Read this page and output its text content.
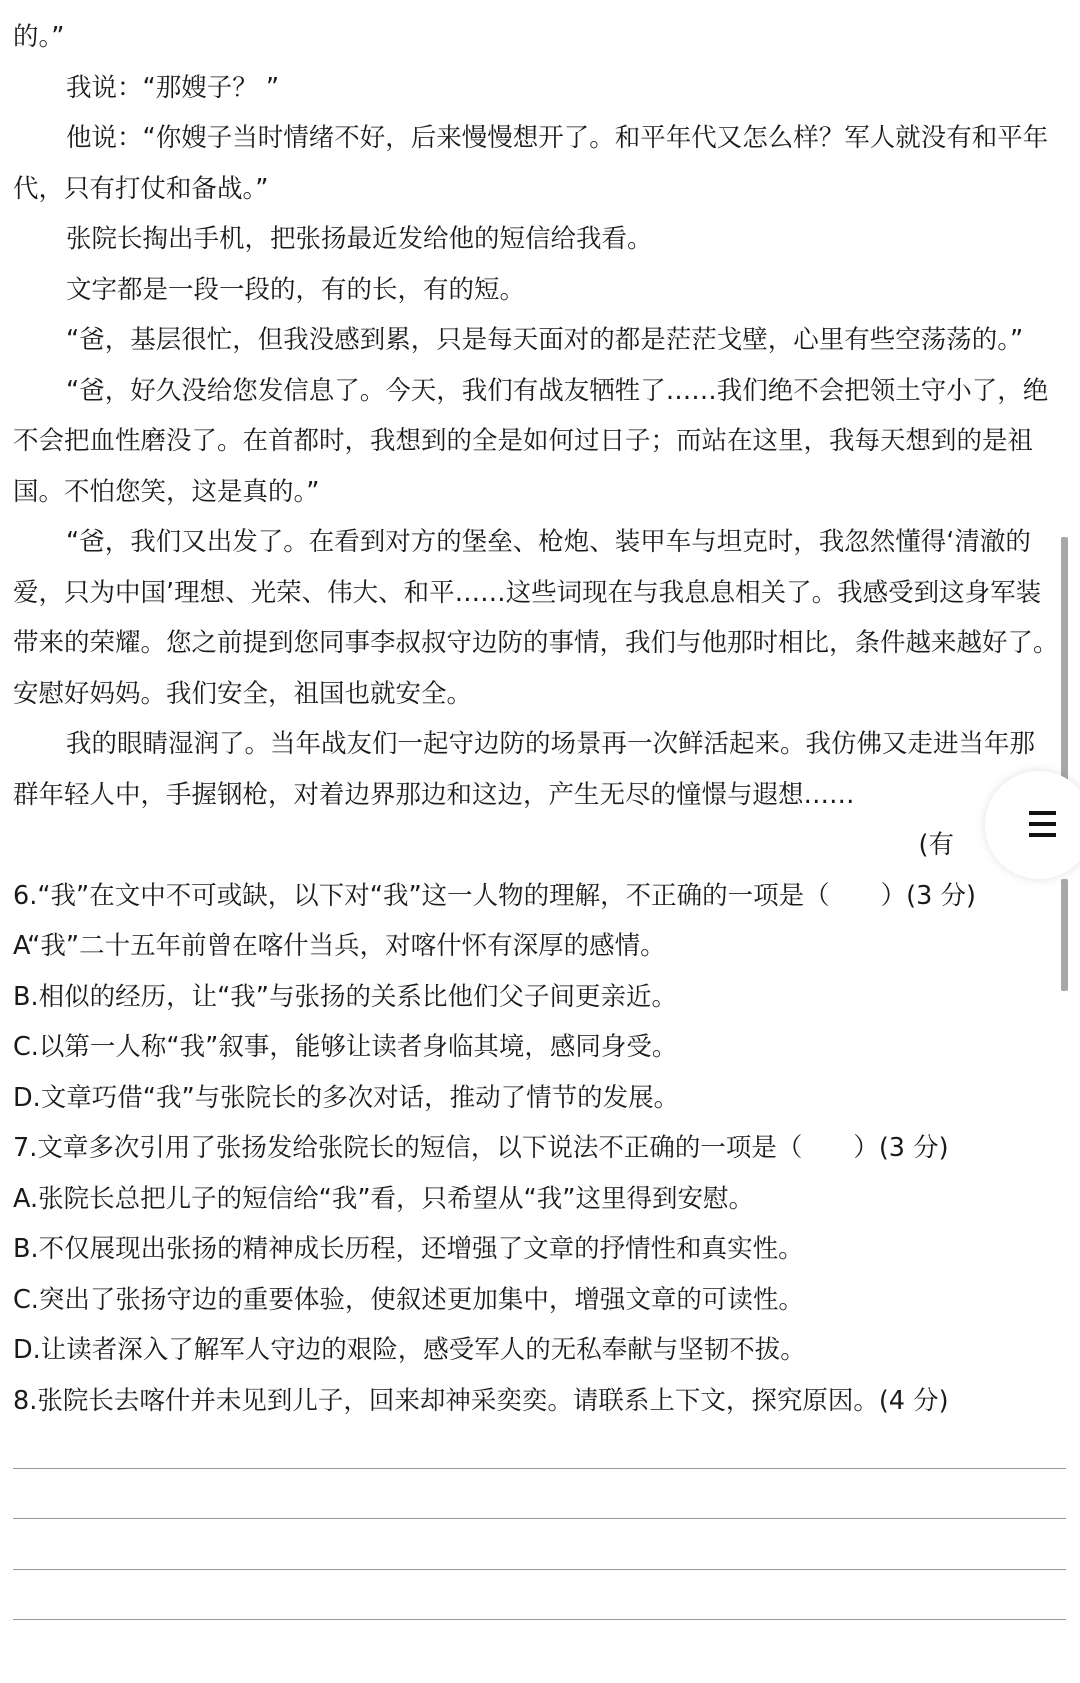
的。”
我说：“那嫂子？ ”
他说：“你嫂子当时情绪不好，后来慢慢想开了。和平年代又怎么样？军人就没有和平年
代，只有打仗和备战。”
张院长掏出手机，把张扬最近发给他的短信给我看。
文字都是一段一段的，有的长，有的短。
“爸，基层很忙，但我没感到累，只是每天面对的都是茫茫戈壁，心里有些空荡荡的。”
“爸，好久没给您发信息了。今天，我们有战友牺牲了……我们绝不会把领土守小了，绝
不会把血性磨没了。在首都时，我想到的全是如何过日子；而站在这里，我每天想到的是祖
国。不怕您笑，这是真的。”
“爸，我们又出发了。在看到对方的堡垒、枪炮、装甲车与坦克时，我忽然懂得‘清澈的
爱，只为中国’理想、光荣、伟大、和平……这些词现在与我息息相关了。我感受到这身军装
带来的荣耀。您之前提到您同事李叔叔守边防的事情，我们与他那时相比，条件越来越好了。
安慰好妈妈。我们安全，祖国也就安全。
我的眼睛湿润了。当年战友们一起守边防的场景再一次鲜活起来。我仿佛又走进当年那
群年轻人中，手握钢枪，对着边界那边和这边，产生无尽的憧憬与遐想……
(有
6.“我”在文中不可或缺，以下对“我”这一人物的理解，不正确的一项是（　　）(3 分)
A“我”二十五年前曾在喀什当兵，对喀什怀有深厚的感情。
B.相似的经历，让“我”与张扬的关系比他们父子间更亲近。
C.以第一人称“我”叙事，能够让读者身临其境，感同身受。
D.文章巧借“我”与张院长的多次对话，推动了情节的发展。
7.文章多次引用了张扬发给张院长的短信，以下说法不正确的一项是（　　）(3 分)
A.张院长总把儿子的短信给“我”看，只希望从“我”这里得到安慰。
B.不仅展现出张扬的精神成长历程，还增强了文章的抒情性和真实性。
C.突出了张扬守边的重要体验，使叙述更加集中，增强文章的可读性。
D.让读者深入了解军人守边的艰险，感受军人的无私奉献与坚韧不拔。
8.张院长去喀什并未见到儿子，回来却神采奕奕。请联系上下文，探究原因。(4 分)
